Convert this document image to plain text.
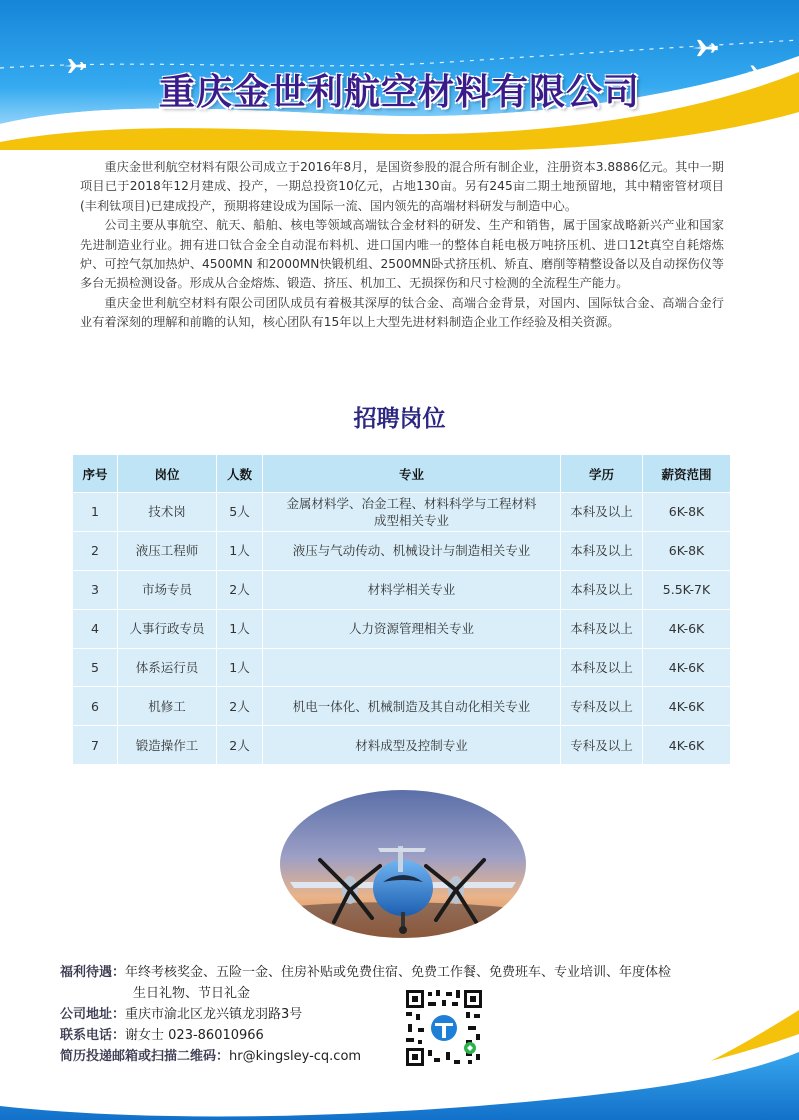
重庆金世利航空材料有限公司

重庆金世利航空材料有限公司成立于2016年8月，是国资参股的混合所有制企业，注册资本3.8886亿元。其中一期项目已于2018年12月建成、投产，一期总投资10亿元，占地130亩。另有245亩二期土地预留地，其中精密管材项目(丰利钛项目)已建成投产，预期将建设成为国际一流、国内领先的高端材料研发与制造中心。

公司主要从事航空、航天、船舶、核电等领域高端钛合金材料的研发、生产和销售，属于国家战略新兴产业和国家先进制造业行业。拥有进口钛合金全自动混布料机、进口国内唯一的整体自耗电极万吨挤压机、进口12t真空自耗熔炼炉、可控气氛加热炉、4500MN 和2000MN快锻机组、2500MN卧式挤压机、矫直、磨削等精整设备以及自动探伤仪等多台无损检测设备。形成从合金熔炼、锻造、挤压、机加工、无损探伤和尺寸检测的全流程生产能力。

重庆金世利航空材料有限公司团队成员有着极其深厚的钛合金、高端合金背景，对国内、国际钛合金、高端合金行业有着深刻的理解和前瞻的认知，核心团队有15年以上大型先进材料制造企业工作经验及相关资源。

招聘岗位
序号	岗位	人数	专业	学历	薪资范围
1	技术岗	5人	金属材料学、冶金工程、材料科学与工程材料成型相关专业	本科及以上	6K-8K
2	液压工程师	1人	液压与气动传动、机械设计与制造相关专业	本科及以上	6K-8K
3	市场专员	2人	材料学相关专业	本科及以上	5.5K-7K
4	人事行政专员	1人	人力资源管理相关专业	本科及以上	4K-6K
5	体系运行员	1人		本科及以上	4K-6K
6	机修工	2人	机电一体化、机械制造及其自动化相关专业	专科及以上	4K-6K
7	锻造操作工	2人	材料成型及控制专业	专科及以上	4K-6K
福利待遇： 年终考核奖金、五险一金、住房补贴或免费住宿、免费工作餐、免费班车、专业培训、年度体检
生日礼物、节日礼金
公司地址： 重庆市渝北区龙兴镇龙羽路3号
联系电话： 谢女士 023-86010966
简历投递邮箱或扫描二维码： hr@kingsley-cq.com
